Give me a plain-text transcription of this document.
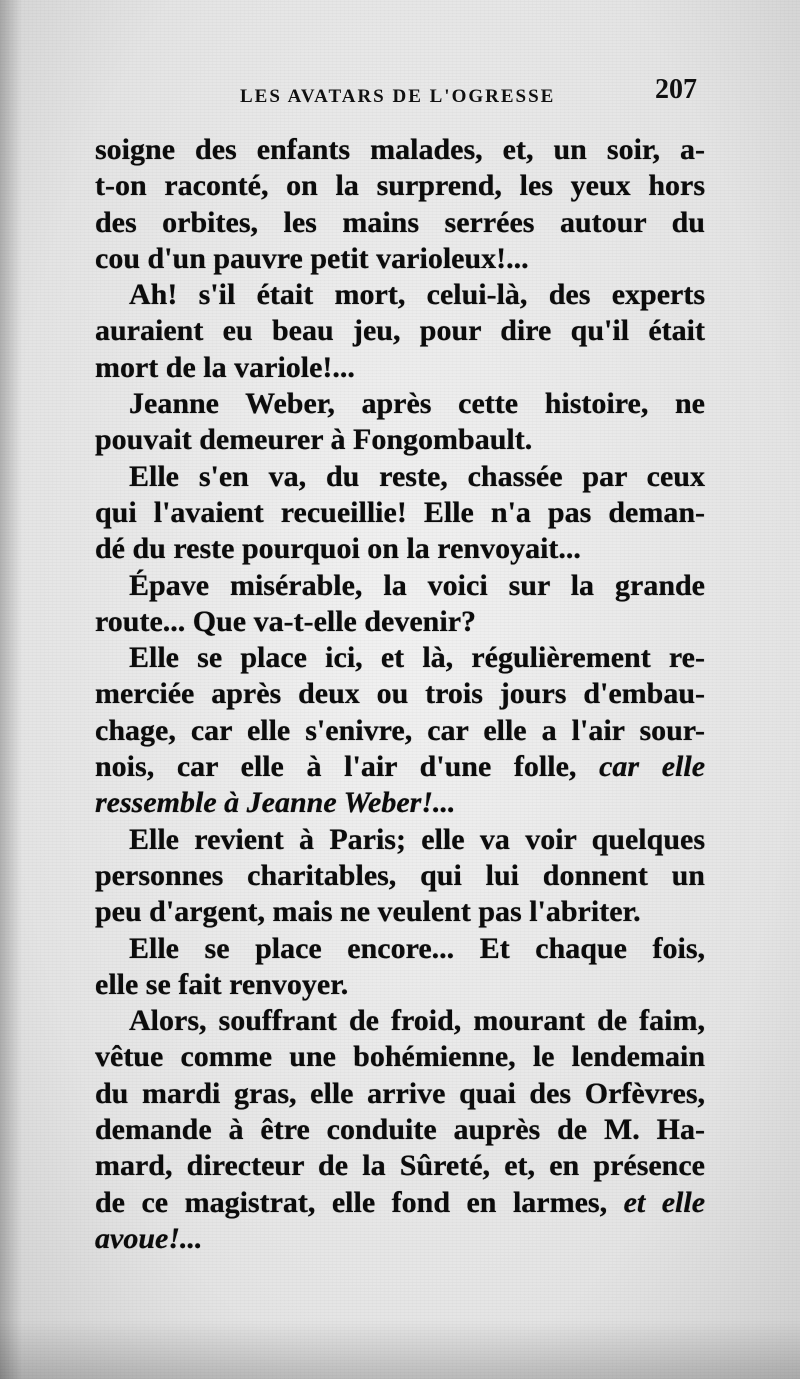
LES AVATARS DE L'OGRESSE	207
soigne des enfants malades, et, un soir, a-
t-on raconté, on la surprend, les yeux hors
des orbites, les mains serrées autour du
cou d'un pauvre petit varioleux!...
Ah! s'il était mort, celui-là, des experts
auraient eu beau jeu, pour dire qu'il était
mort de la variole!...
Jeanne Weber, après cette histoire, ne
pouvait demeurer à Fongombault.
Elle s'en va, du reste, chassée par ceux
qui l'avaient recueillie! Elle n'a pas deman-
dé du reste pourquoi on la renvoyait...
Épave misérable, la voici sur la grande
route... Que va-t-elle devenir?
Elle se place ici, et là, régulièrement re-
merciée après deux ou trois jours d'embau-
chage, car elle s'enivre, car elle a l'air sour-
nois, car elle à l'air d'une folle, car elle
ressemble à Jeanne Weber!...
Elle revient à Paris; elle va voir quelques
personnes charitables, qui lui donnent un
peu d'argent, mais ne veulent pas l'abriter.
Elle se place encore... Et chaque fois,
elle se fait renvoyer.
Alors, souffrant de froid, mourant de faim,
vêtue comme une bohémienne, le lendemain
du mardi gras, elle arrive quai des Orfèvres,
demande à être conduite auprès de M. Ha-
mard, directeur de la Sûreté, et, en présence
de ce magistrat, elle fond en larmes, et elle
avoue!...
